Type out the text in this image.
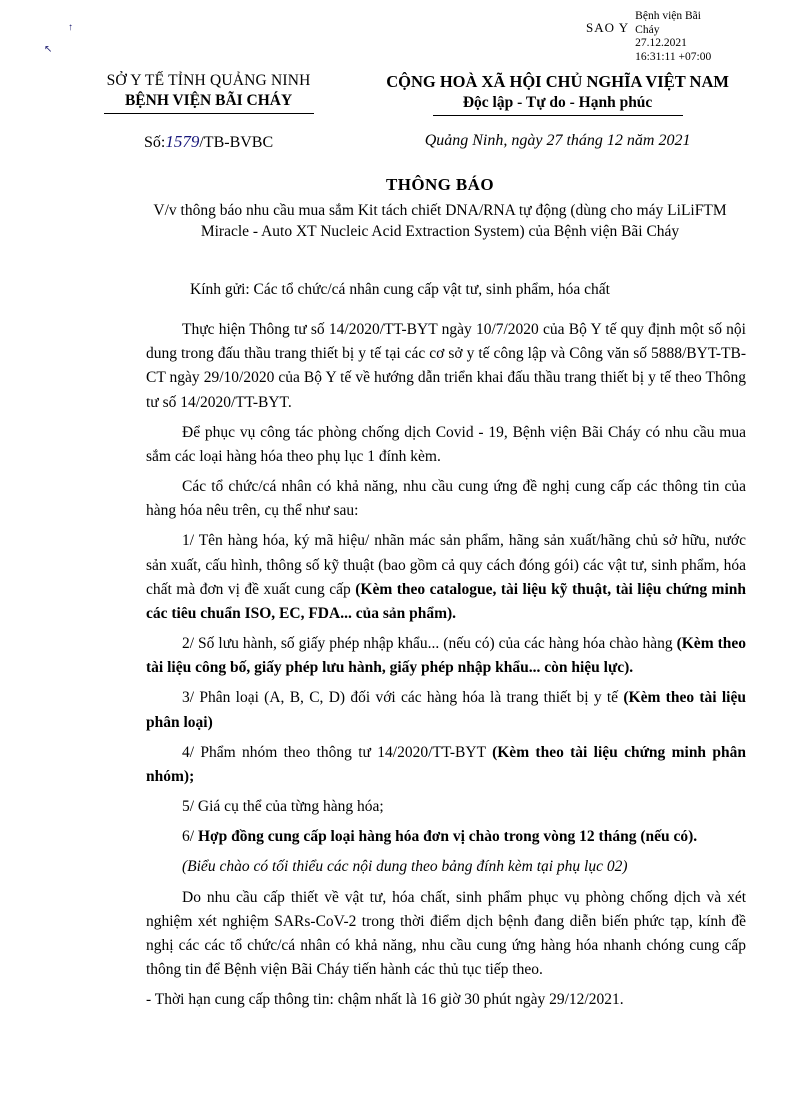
↑
↖
SAO Y
Bệnh viện Bãi
Cháy
27.12.2021
16:31:11 +07:00
SỞ Y TẾ TỈNH QUẢNG NINH
BỆNH VIỆN BÃI CHÁY
CỘNG HOÀ XÃ HỘI CHỦ NGHĨA VIỆT NAM
Độc lập - Tự do - Hạnh phúc
Số:1579/TB-BVBC	Quảng Ninh, ngày 27 tháng 12 năm 2021
THÔNG BÁO
V/v thông báo nhu cầu mua sắm Kit tách chiết DNA/RNA tự động (dùng cho máy LiLiFTM Miracle - Auto XT Nucleic Acid Extraction System) của Bệnh viện Bãi Cháy
Kính gửi: Các tổ chức/cá nhân cung cấp vật tư, sinh phẩm, hóa chất

Thực hiện Thông tư số 14/2020/TT-BYT ngày 10/7/2020 của Bộ Y tế quy định một số nội dung trong đấu thầu trang thiết bị y tế tại các cơ sở y tế công lập và Công văn số 5888/BYT-TB-CT ngày 29/10/2020 của Bộ Y tế về hướng dẫn triển khai đấu thầu trang thiết bị y tế theo Thông tư số 14/2020/TT-BYT.

Để phục vụ công tác phòng chống dịch Covid - 19, Bệnh viện Bãi Cháy có nhu cầu mua sắm các loại hàng hóa theo phụ lục 1 đính kèm.

Các tổ chức/cá nhân có khả năng, nhu cầu cung ứng đề nghị cung cấp các thông tin của hàng hóa nêu trên, cụ thể như sau:

1/ Tên hàng hóa, ký mã hiệu/ nhãn mác sản phẩm, hãng sản xuất/hãng chủ sở hữu, nước sản xuất, cấu hình, thông số kỹ thuật (bao gồm cả quy cách đóng gói) các vật tư, sinh phẩm, hóa chất mà đơn vị đề xuất cung cấp (Kèm theo catalogue, tài liệu kỹ thuật, tài liệu chứng minh các tiêu chuẩn ISO, EC, FDA... của sản phẩm).

2/ Số lưu hành, số giấy phép nhập khẩu... (nếu có) của các hàng hóa chào hàng (Kèm theo tài liệu công bố, giấy phép lưu hành, giấy phép nhập khẩu... còn hiệu lực).

3/ Phân loại (A, B, C, D) đối với các hàng hóa là trang thiết bị y tế (Kèm theo tài liệu phân loại)

4/ Phẩm nhóm theo thông tư 14/2020/TT-BYT (Kèm theo tài liệu chứng minh phân nhóm);

5/ Giá cụ thể của từng hàng hóa;

6/ Hợp đồng cung cấp loại hàng hóa đơn vị chào trong vòng 12 tháng (nếu có).

(Biểu chào có tối thiểu các nội dung theo bảng đính kèm tại phụ lục 02)

Do nhu cầu cấp thiết về vật tư, hóa chất, sinh phẩm phục vụ phòng chống dịch và xét nghiệm xét nghiệm SARs-CoV-2 trong thời điểm dịch bệnh đang diễn biến phức tạp, kính đề nghị các các tổ chức/cá nhân có khả năng, nhu cầu cung ứng hàng hóa nhanh chóng cung cấp thông tin để Bệnh viện Bãi Cháy tiến hành các thủ tục tiếp theo.

- Thời hạn cung cấp thông tin: chậm nhất là 16 giờ 30 phút ngày 29/12/2021.
